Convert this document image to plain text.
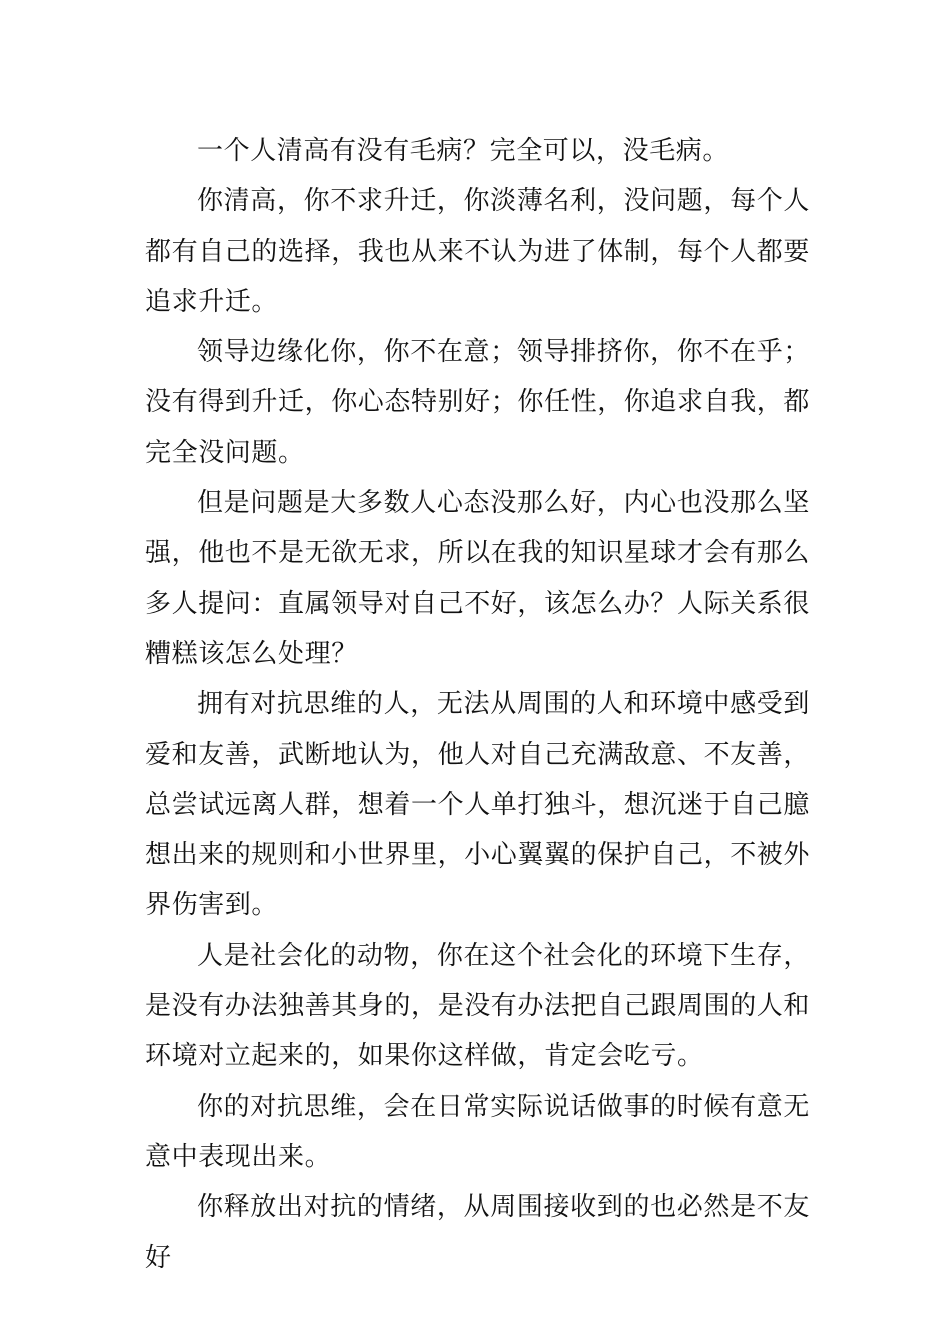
一个人清高有没有毛病？完全可以，没毛病。

你清高，你不求升迁，你淡薄名利，没问题，每个人都有自己的选择，我也从来不认为进了体制，每个人都要追求升迁。

领导边缘化你，你不在意；领导排挤你，你不在乎；没有得到升迁，你心态特别好；你任性，你追求自我，都完全没问题。

但是问题是大多数人心态没那么好，内心也没那么坚强，他也不是无欲无求，所以在我的知识星球才会有那么多人提问：直属领导对自己不好，该怎么办？人际关系很糟糕该怎么处理？

拥有对抗思维的人，无法从周围的人和环境中感受到爱和友善，武断地认为，他人对自己充满敌意、不友善，总尝试远离人群，想着一个人单打独斗，想沉迷于自己臆想出来的规则和小世界里，小心翼翼的保护自己，不被外界伤害到。

人是社会化的动物，你在这个社会化的环境下生存，是没有办法独善其身的，是没有办法把自己跟周围的人和环境对立起来的，如果你这样做，肯定会吃亏。

你的对抗思维，会在日常实际说话做事的时候有意无意中表现出来。

你释放出对抗的情绪，从周围接收到的也必然是不友好
